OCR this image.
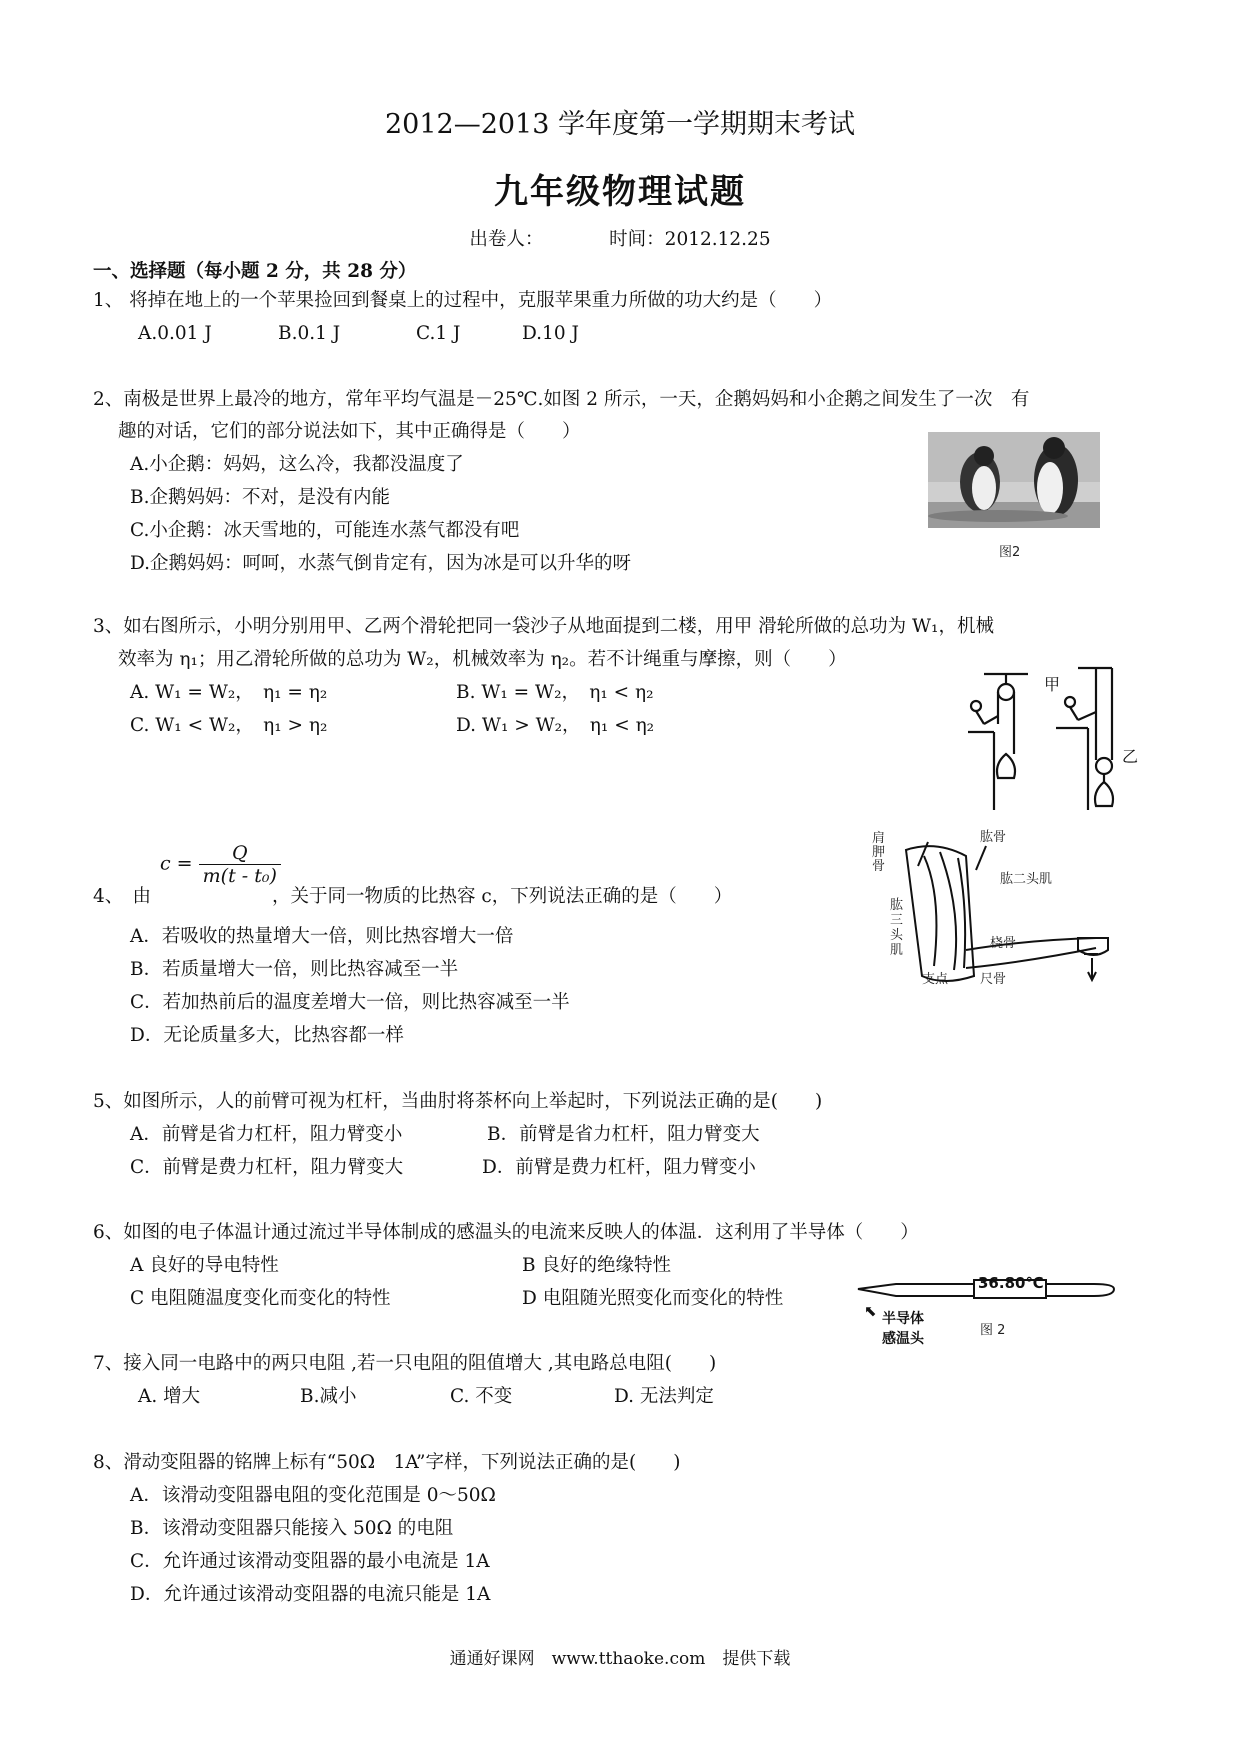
2012—2013 学年度第一学期期末考试
九年级物理试题
出卷人：	时间：2012.12.25
一、选择题（每小题 2 分，共 28 分）
1、 将掉在地上的一个苹果捡回到餐桌上的过程中，克服苹果重力所做的功大约是（　　）
A.0.01 J	B.0.1 J	C.1 J	D.10 J
2、南极是世界上最冷的地方，常年平均气温是－25℃.如图 2 所示，一天，企鹅妈妈和小企鹅之间发生了一次　有
趣的对话，它们的部分说法如下，其中正确得是（　　）
A.小企鹅：妈妈，这么冷，我都没温度了
B.企鹅妈妈：不对，是没有内能
C.小企鹅：冰天雪地的，可能连水蒸气都没有吧
D.企鹅妈妈：呵呵，水蒸气倒肯定有，因为冰是可以升华的呀
图2
3、如右图所示，小明分别用甲、乙两个滑轮把同一袋沙子从地面提到二楼，用甲 滑轮所做的总功为 W₁，机械
效率为 η₁；用乙滑轮所做的总功为 W₂，机械效率为 η₂。若不计绳重与摩擦，则（　　）
A. W₁ = W₂，　η₁ = η₂	B. W₁ = W₂，　η₁ < η₂
C. W₁ < W₂，　η₁ > η₂	D. W₁ > W₂，　η₁ < η₂
甲
乙
$c = \frac{Q}{\text{m(t - t₀)}}$
4、　由	，关于同一物质的比热容 c，下列说法正确的是（　　）
A．若吸收的热量增大一倍，则比热容增大一倍
B．若质量增大一倍，则比热容减至一半
C．若加热前后的温度差增大一倍，则比热容减至一半
D．无论质量多大，比热容都一样
肩胛骨
肱骨
肱二头肌
肱三头肌	桡骨
支点 尺骨
5、如图所示，人的前臂可视为杠杆，当曲肘将茶杯向上举起时，下列说法正确的是(　　)
A．前臂是省力杠杆，阻力臂变小	B．前臂是省力杠杆，阻力臂变大
C．前臂是费力杠杆，阻力臂变大	D．前臂是费力杠杆，阻力臂变小
6、如图的电子体温计通过流过半导体制成的感温头的电流来反映人的体温．这利用了半导体（　　）
A 良好的导电特性	B 良好的绝缘特性
C 电阻随温度变化而变化的特性	D 电阻随光照变化而变化的特性
36.80℃
⬉ 半导体
感温头
图 2
7、接入同一电路中的两只电阻 ,若一只电阻的阻值增大 ,其电路总电阻(　　)
A. 增大	B.减小	C. 不变	D. 无法判定
8、滑动变阻器的铭牌上标有“50Ω　1A”字样，下列说法正确的是(　　)
A．该滑动变阻器电阻的变化范围是 0～50Ω
B．该滑动变阻器只能接入 50Ω 的电阻
C．允许通过该滑动变阻器的最小电流是 1A
D．允许通过该滑动变阻器的电流只能是 1A
通通好课网　www.tthaoke.com　提供下载
